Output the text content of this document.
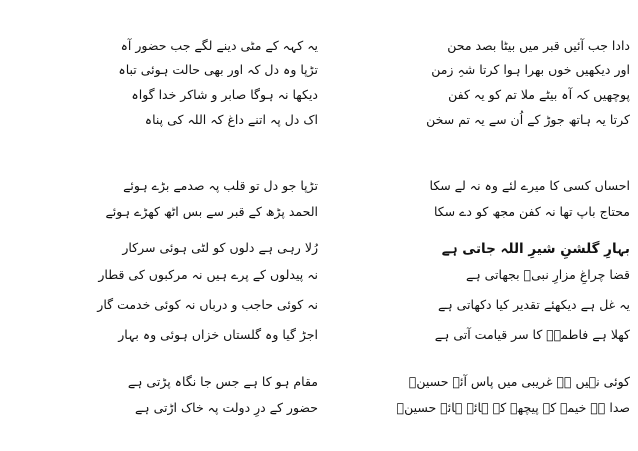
دادا جب آئیں قبر میں بیٹا بصد محن
اور دیکھیں خوں بھرا ہوا کرتا شہِ زمن
پوچھیں کہ آہ بیٹے ملا تم کو یہ کفن
کرتا یہ ہاتھ جوڑ کے اُن سے یہ تم سخن
احساں کسی کا میرے لئے وہ نہ لے سکا
محتاج باپ تھا نہ کفن مجھ کو دے سکا
بہارِ گلشنِ شیرِ اللہ جاتی ہے
قضا چراغِ مزارِ نبیؐ بجھاتی ہے
یہ غل ہے دیکھئے تقدیر کیا دکھاتی ہے
کھلا ہے فاطمہؑ کا سر قیامت آتی ہے
کوئی نہیں ہے غریبی میں پاس آئے حسینؑ
صدا ہے خیمے کے پیچھے کہ ہائے ہائے حسینؑ
یہ کہہ کے مٹی دینے لگے جب حضور آہ
تڑپا وہ دل کہ اور بھی حالت ہوئی تباہ
دیکھا نہ ہوگا صابر و شاکر خدا گواہ
اک دل پہ اتنے داغ کہ اللہ کی پناہ
تڑپا جو دل تو قلب پہ صدمے بڑے ہوئے
الحمد پڑھ کے قبر سے بس اٹھ کھڑے ہوئے
رُلا رہی ہے دلوں کو لٹی ہوئی سرکار
نہ پیدلوں کے پرے ہیں نہ مرکبوں کی قطار
نہ کوئی حاجب و درباں نہ کوئی خدمت گار
اجڑ گیا وہ گلستاں خزاں ہوئی وہ بہار
مقام ہو کا ہے جس جا نگاہ پڑتی ہے
حضور کے درِ دولت پہ خاک اڑتی ہے
